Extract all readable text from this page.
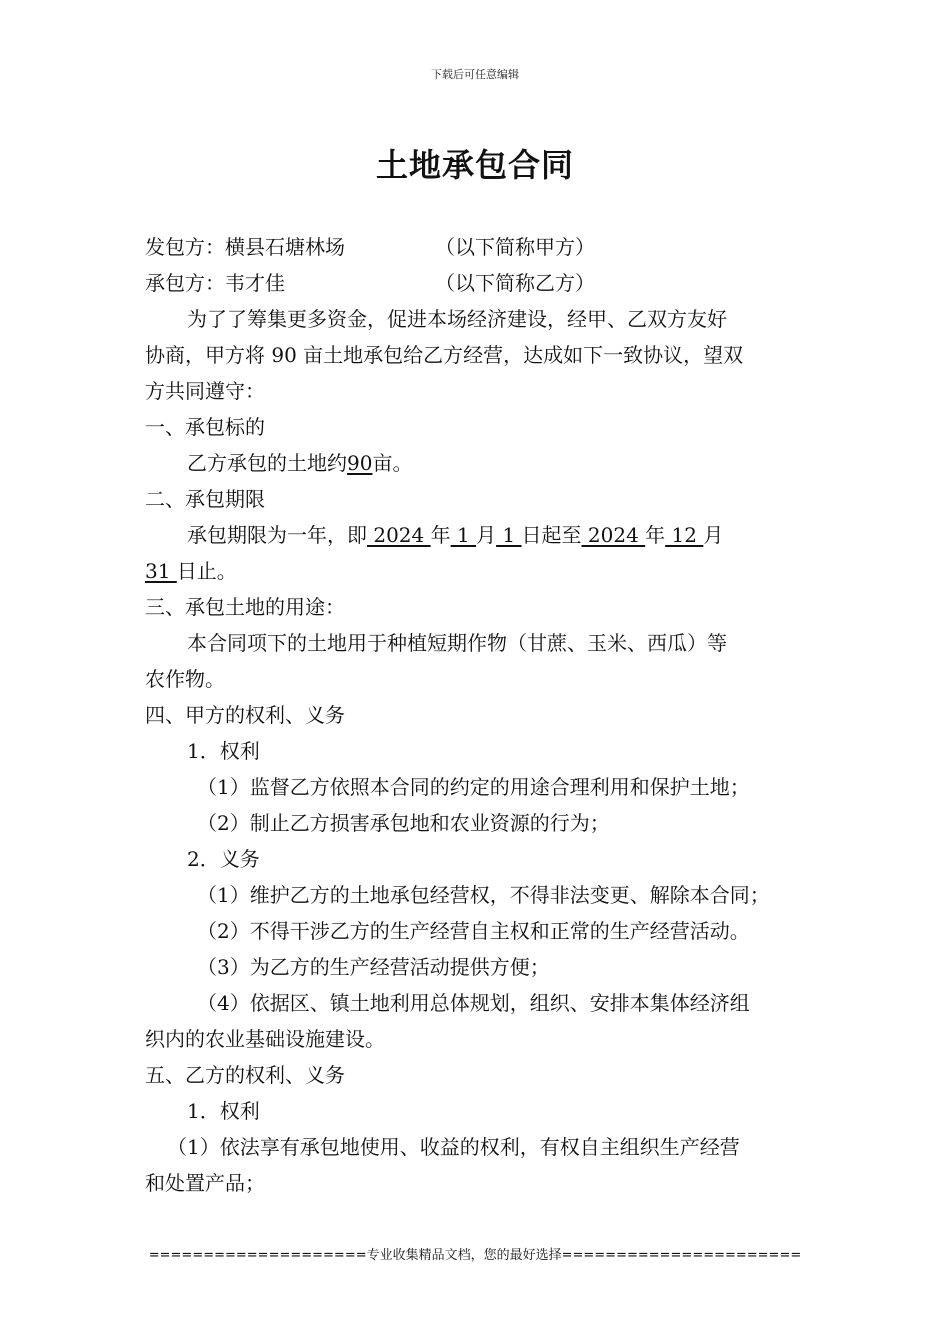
下载后可任意编辑
土地承包合同
发包方：横县石塘林场	（以下简称甲方）
承包方：韦才佳	（以下简称乙方）
为了了筹集更多资金，促进本场经济建设，经甲、乙双方友好
协商，甲方将 90 亩土地承包给乙方经营，达成如下一致协议，望双
方共同遵守：
一、承包标的
乙方承包的土地约90亩。
二、承包期限
承包期限为一年，即 2024 年 1 月 1 日起至 2024 年 12 月
31 日止。
三、承包土地的用途：
本合同项下的土地用于种植短期作物（甘蔗、玉米、西瓜）等
农作物。
四、甲方的权利、义务
1．权利
（1）监督乙方依照本合同的约定的用途合理利用和保护土地；
（2）制止乙方损害承包地和农业资源的行为；
2．义务
（1）维护乙方的土地承包经营权，不得非法变更、解除本合同；
（2）不得干涉乙方的生产经营自主权和正常的生产经营活动。
（3）为乙方的生产经营活动提供方便；
（4）依据区、镇土地利用总体规划，组织、安排本集体经济组
织内的农业基础设施建设。
五、乙方的权利、义务
1．权利
（1）依法享有承包地使用、收益的权利，有权自主组织生产经营
和处置产品；
====================专业收集精品文档，您的最好选择======================
